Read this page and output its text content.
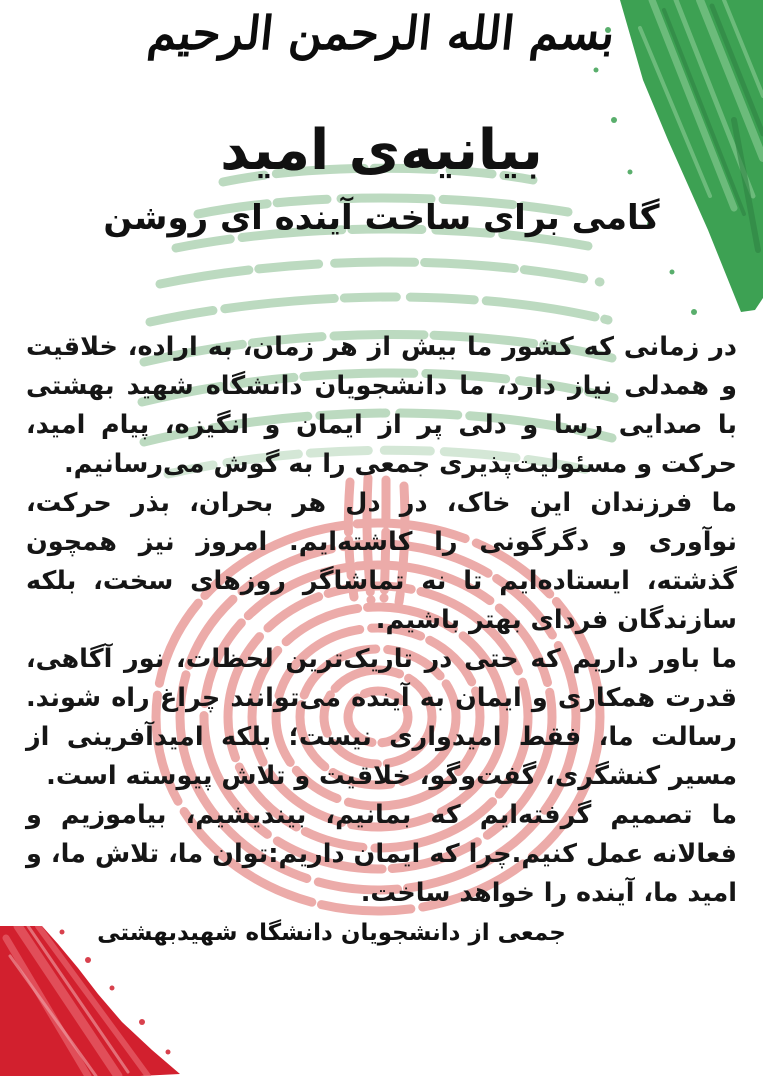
بسم الله الرحمن الرحیم
بیانیه‌ی امید
گامی برای ساخت آینده ای روشن

در زمانی که کشور ما بیش از هر زمان، به اراده، خلاقیت و همدلی نیاز دارد، ما دانشجویان دانشگاه شهید بهشتی با صدایی رسا و دلی پر از ایمان و انگیزه، پیام امید، حرکت و مسئولیت‌پذیری جمعی را به گوش می‌رسانیم.

ما فرزندان این خاک، در دل هر بحران، بذر حرکت، نوآوری و دگرگونی را کاشته‌ایم. امروز نیز همچون گذشته، ایستاده‌ایم تا نه تماشاگر روزهای سخت، بلکه سازندگان فردای بهتر باشیم.

ما باور داریم که حتی در تاریک‌ترین لحظات، نور آگاهی، قدرت همکاری و ایمان به آینده می‌توانند چراغ راه شوند. رسالت ما، فقط امیدواری نیست؛ بلکه امیدآفرینی از مسیر کنشگری، گفت‌وگو، خلاقیت و تلاش پیوسته است.

ما تصمیم گرفته‌ایم که بمانیم، بیندیشیم، بیاموزیم و فعالانه عمل کنیم.چرا که ایمان داریم:توان ما، تلاش ما، و امید ما، آینده را خواهد ساخت.

جمعی از دانشجویان دانشگاه شهیدبهشتی
